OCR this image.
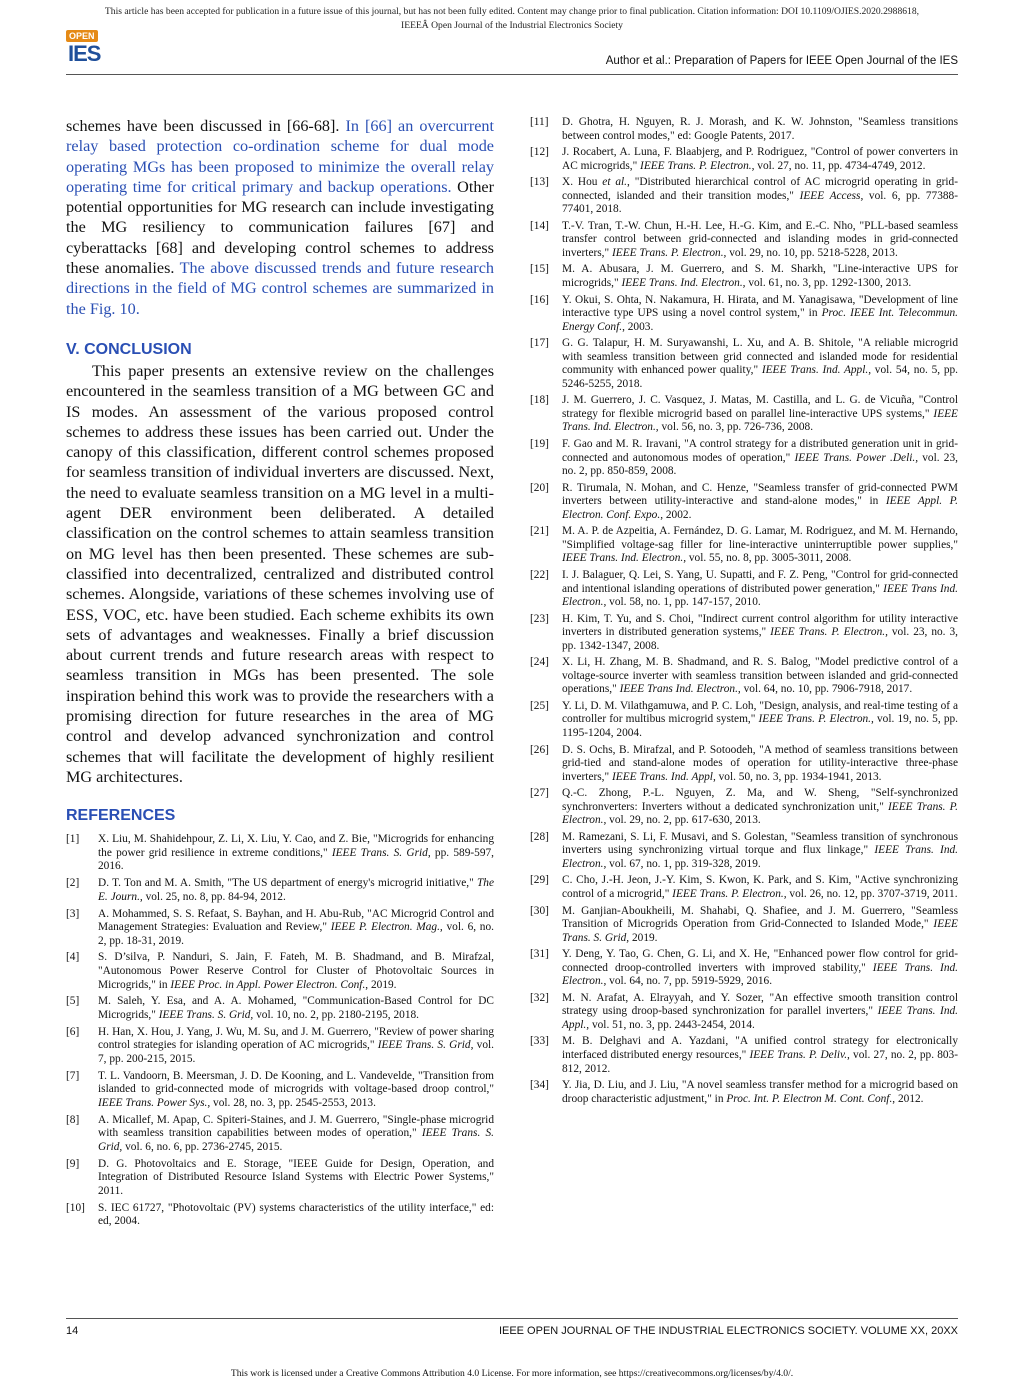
This article has been accepted for publication in a future issue of this journal, but has not been fully edited. Content may change prior to final publication. Citation information: DOI 10.1109/OJIES.2020.2988618,
IEEEÂ Open Journal of the Industrial Electronics Society
OPEN
IES	Author et al.: Preparation of Papers for IEEE Open Journal of the IES

schemes have been discussed in [66-68]. In [66] an overcurrent relay based protection co-ordination scheme for dual mode operating MGs has been proposed to minimize the overall relay operating time for critical primary and backup operations. Other potential opportunities for MG research can include investigating the MG resiliency to communication failures [67] and cyberattacks [68] and developing control schemes to address these anomalies. The above discussed trends and future research directions in the field of MG control schemes are summarized in the Fig. 10.

V. CONCLUSION

This paper presents an extensive review on the challenges encountered in the seamless transition of a MG between GC and IS modes. An assessment of the various proposed control schemes to address these issues has been carried out. Under the canopy of this classification, different control schemes proposed for seamless transition of individual inverters are discussed. Next, the need to evaluate seamless transition on a MG level in a multi-agent DER environment been deliberated. A detailed classification on the control schemes to attain seamless transition on MG level has then been presented. These schemes are sub-classified into decentralized, centralized and distributed control schemes. Alongside, variations of these schemes involving use of ESS, VOC, etc. have been studied. Each scheme exhibits its own sets of advantages and weaknesses. Finally a brief discussion about current trends and future research areas with respect to seamless transition in MGs has been presented. The sole inspiration behind this work was to provide the researchers with a promising direction for future researches in the area of MG control and develop advanced synchronization and control schemes that will facilitate the development of highly resilient MG architectures.

REFERENCES
[1] X. Liu, M. Shahidehpour, Z. Li, X. Liu, Y. Cao, and Z. Bie, "Microgrids for enhancing the power grid resilience in extreme conditions," IEEE Trans. S. Grid, pp. 589-597, 2016.
[2] D. T. Ton and M. A. Smith, "The US department of energy's microgrid initiative," The E. Journ., vol. 25, no. 8, pp. 84-94, 2012.
[3] A. Mohammed, S. S. Refaat, S. Bayhan, and H. Abu-Rub, "AC Microgrid Control and Management Strategies: Evaluation and Review," IEEE P. Electron. Mag., vol. 6, no. 2, pp. 18-31, 2019.
[4] S. D’silva, P. Nanduri, S. Jain, F. Fateh, M. B. Shadmand, and B. Mirafzal, "Autonomous Power Reserve Control for Cluster of Photovoltaic Sources in Microgrids," in IEEE Proc. in Appl. Power Electron. Conf., 2019.
[5] M. Saleh, Y. Esa, and A. A. Mohamed, "Communication-Based Control for DC Microgrids," IEEE Trans. S. Grid, vol. 10, no. 2, pp. 2180-2195, 2018.
[6] H. Han, X. Hou, J. Yang, J. Wu, M. Su, and J. M. Guerrero, "Review of power sharing control strategies for islanding operation of AC microgrids," IEEE Trans. S. Grid, vol. 7, pp. 200-215, 2015.
[7] T. L. Vandoorn, B. Meersman, J. D. De Kooning, and L. Vandevelde, "Transition from islanded to grid-connected mode of microgrids with voltage-based droop control," IEEE Trans. Power Sys., vol. 28, no. 3, pp. 2545-2553, 2013.
[8] A. Micallef, M. Apap, C. Spiteri-Staines, and J. M. Guerrero, "Single-phase microgrid with seamless transition capabilities between modes of operation," IEEE Trans. S. Grid, vol. 6, no. 6, pp. 2736-2745, 2015.
[9] D. G. Photovoltaics and E. Storage, "IEEE Guide for Design, Operation, and Integration of Distributed Resource Island Systems with Electric Power Systems," 2011.
[10] S. IEC 61727, "Photovoltaic (PV) systems characteristics of the utility interface," ed: ed, 2004.
[11] D. Ghotra, H. Nguyen, R. J. Morash, and K. W. Johnston, "Seamless transitions between control modes," ed: Google Patents, 2017.
[12] J. Rocabert, A. Luna, F. Blaabjerg, and P. Rodriguez, "Control of power converters in AC microgrids," IEEE Trans. P. Electron., vol. 27, no. 11, pp. 4734-4749, 2012.
[13] X. Hou et al., "Distributed hierarchical control of AC microgrid operating in grid-connected, islanded and their transition modes," IEEE Access, vol. 6, pp. 77388-77401, 2018.
[14] T.-V. Tran, T.-W. Chun, H.-H. Lee, H.-G. Kim, and E.-C. Nho, "PLL-based seamless transfer control between grid-connected and islanding modes in grid-connected inverters," IEEE Trans. P. Electron., vol. 29, no. 10, pp. 5218-5228, 2013.
[15] M. A. Abusara, J. M. Guerrero, and S. M. Sharkh, "Line-interactive UPS for microgrids," IEEE Trans. Ind. Electron., vol. 61, no. 3, pp. 1292-1300, 2013.
[16] Y. Okui, S. Ohta, N. Nakamura, H. Hirata, and M. Yanagisawa, "Development of line interactive type UPS using a novel control system," in Proc. IEEE Int. Telecommun. Energy Conf., 2003.
[17] G. G. Talapur, H. M. Suryawanshi, L. Xu, and A. B. Shitole, "A reliable microgrid with seamless transition between grid connected and islanded mode for residential community with enhanced power quality," IEEE Trans. Ind. Appl., vol. 54, no. 5, pp. 5246-5255, 2018.
[18] J. M. Guerrero, J. C. Vasquez, J. Matas, M. Castilla, and L. G. de Vicuña, "Control strategy for flexible microgrid based on parallel line-interactive UPS systems," IEEE Trans. Ind. Electron., vol. 56, no. 3, pp. 726-736, 2008.
[19] F. Gao and M. R. Iravani, "A control strategy for a distributed generation unit in grid-connected and autonomous modes of operation," IEEE Trans. Power .Deli., vol. 23, no. 2, pp. 850-859, 2008.
[20] R. Tirumala, N. Mohan, and C. Henze, "Seamless transfer of grid-connected PWM inverters between utility-interactive and stand-alone modes," in IEEE Appl. P. Electron. Conf. Expo., 2002.
[21] M. A. P. de Azpeitia, A. Fernández, D. G. Lamar, M. Rodriguez, and M. M. Hernando, "Simplified voltage-sag filler for line-interactive uninterruptible power supplies," IEEE Trans. Ind. Electron., vol. 55, no. 8, pp. 3005-3011, 2008.
[22] I. J. Balaguer, Q. Lei, S. Yang, U. Supatti, and F. Z. Peng, "Control for grid-connected and intentional islanding operations of distributed power generation," IEEE Trans Ind. Electron., vol. 58, no. 1, pp. 147-157, 2010.
[23] H. Kim, T. Yu, and S. Choi, "Indirect current control algorithm for utility interactive inverters in distributed generation systems," IEEE Trans. P. Electron., vol. 23, no. 3, pp. 1342-1347, 2008.
[24] X. Li, H. Zhang, M. B. Shadmand, and R. S. Balog, "Model predictive control of a voltage-source inverter with seamless transition between islanded and grid-connected operations," IEEE Trans Ind. Electron., vol. 64, no. 10, pp. 7906-7918, 2017.
[25] Y. Li, D. M. Vilathgamuwa, and P. C. Loh, "Design, analysis, and real-time testing of a controller for multibus microgrid system," IEEE Trans. P. Electron., vol. 19, no. 5, pp. 1195-1204, 2004.
[26] D. S. Ochs, B. Mirafzal, and P. Sotoodeh, "A method of seamless transitions between grid-tied and stand-alone modes of operation for utility-interactive three-phase inverters," IEEE Trans. Ind. Appl, vol. 50, no. 3, pp. 1934-1941, 2013.
[27] Q.-C. Zhong, P.-L. Nguyen, Z. Ma, and W. Sheng, "Self-synchronized synchronverters: Inverters without a dedicated synchronization unit," IEEE Trans. P. Electron., vol. 29, no. 2, pp. 617-630, 2013.
[28] M. Ramezani, S. Li, F. Musavi, and S. Golestan, "Seamless transition of synchronous inverters using synchronizing virtual torque and flux linkage," IEEE Trans. Ind. Electron., vol. 67, no. 1, pp. 319-328, 2019.
[29] C. Cho, J.-H. Jeon, J.-Y. Kim, S. Kwon, K. Park, and S. Kim, "Active synchronizing control of a microgrid," IEEE Trans. P. Electron., vol. 26, no. 12, pp. 3707-3719, 2011.
[30] M. Ganjian-Aboukheili, M. Shahabi, Q. Shafiee, and J. M. Guerrero, "Seamless Transition of Microgrids Operation from Grid-Connected to Islanded Mode," IEEE Trans. S. Grid, 2019.
[31] Y. Deng, Y. Tao, G. Chen, G. Li, and X. He, "Enhanced power flow control for grid-connected droop-controlled inverters with improved stability," IEEE Trans. Ind. Electron., vol. 64, no. 7, pp. 5919-5929, 2016.
[32] M. N. Arafat, A. Elrayyah, and Y. Sozer, "An effective smooth transition control strategy using droop-based synchronization for parallel inverters," IEEE Trans. Ind. Appl., vol. 51, no. 3, pp. 2443-2454, 2014.
[33] M. B. Delghavi and A. Yazdani, "A unified control strategy for electronically interfaced distributed energy resources," IEEE Trans. P. Deliv., vol. 27, no. 2, pp. 803-812, 2012.
[34] Y. Jia, D. Liu, and J. Liu, "A novel seamless transfer method for a microgrid based on droop characteristic adjustment," in Proc. Int. P. Electron M. Cont. Conf., 2012.
14	IEEE OPEN JOURNAL OF THE INDUSTRIAL ELECTRONICS SOCIETY. VOLUME XX, 20XX
This work is licensed under a Creative Commons Attribution 4.0 License. For more information, see https://creativecommons.org/licenses/by/4.0/.
